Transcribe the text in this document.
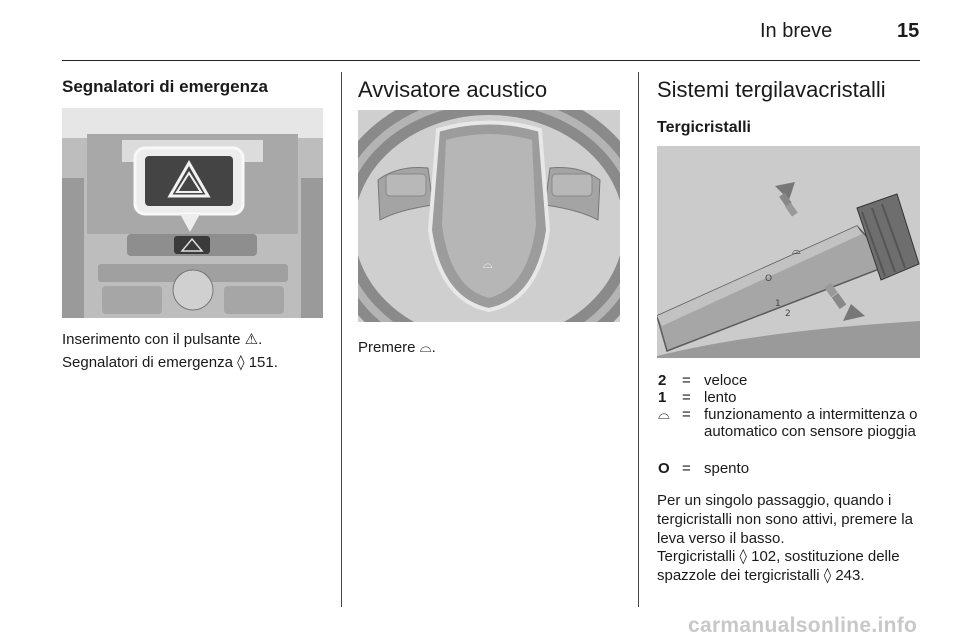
In breve	15
Segnalatori di emergenza
Inserimento con il pulsante ⚠.
Segnalatori di emergenza ◊ 151.
Avvisatore acustico
⌓
Premere ⌓.
Sistemi tergilavacristalli
Tergicristalli
⌓
O
1
2
2	= veloce
1	= lento
⌓ = funzionamento a intermittenza o automatico con sensore pioggia
O = spento
Per un singolo passaggio, quando i tergicristalli non sono attivi, premere la leva verso il basso.
Tergicristalli ◊ 102, sostituzione delle spazzole dei tergicristalli ◊ 243.
carmanualsonline.info
